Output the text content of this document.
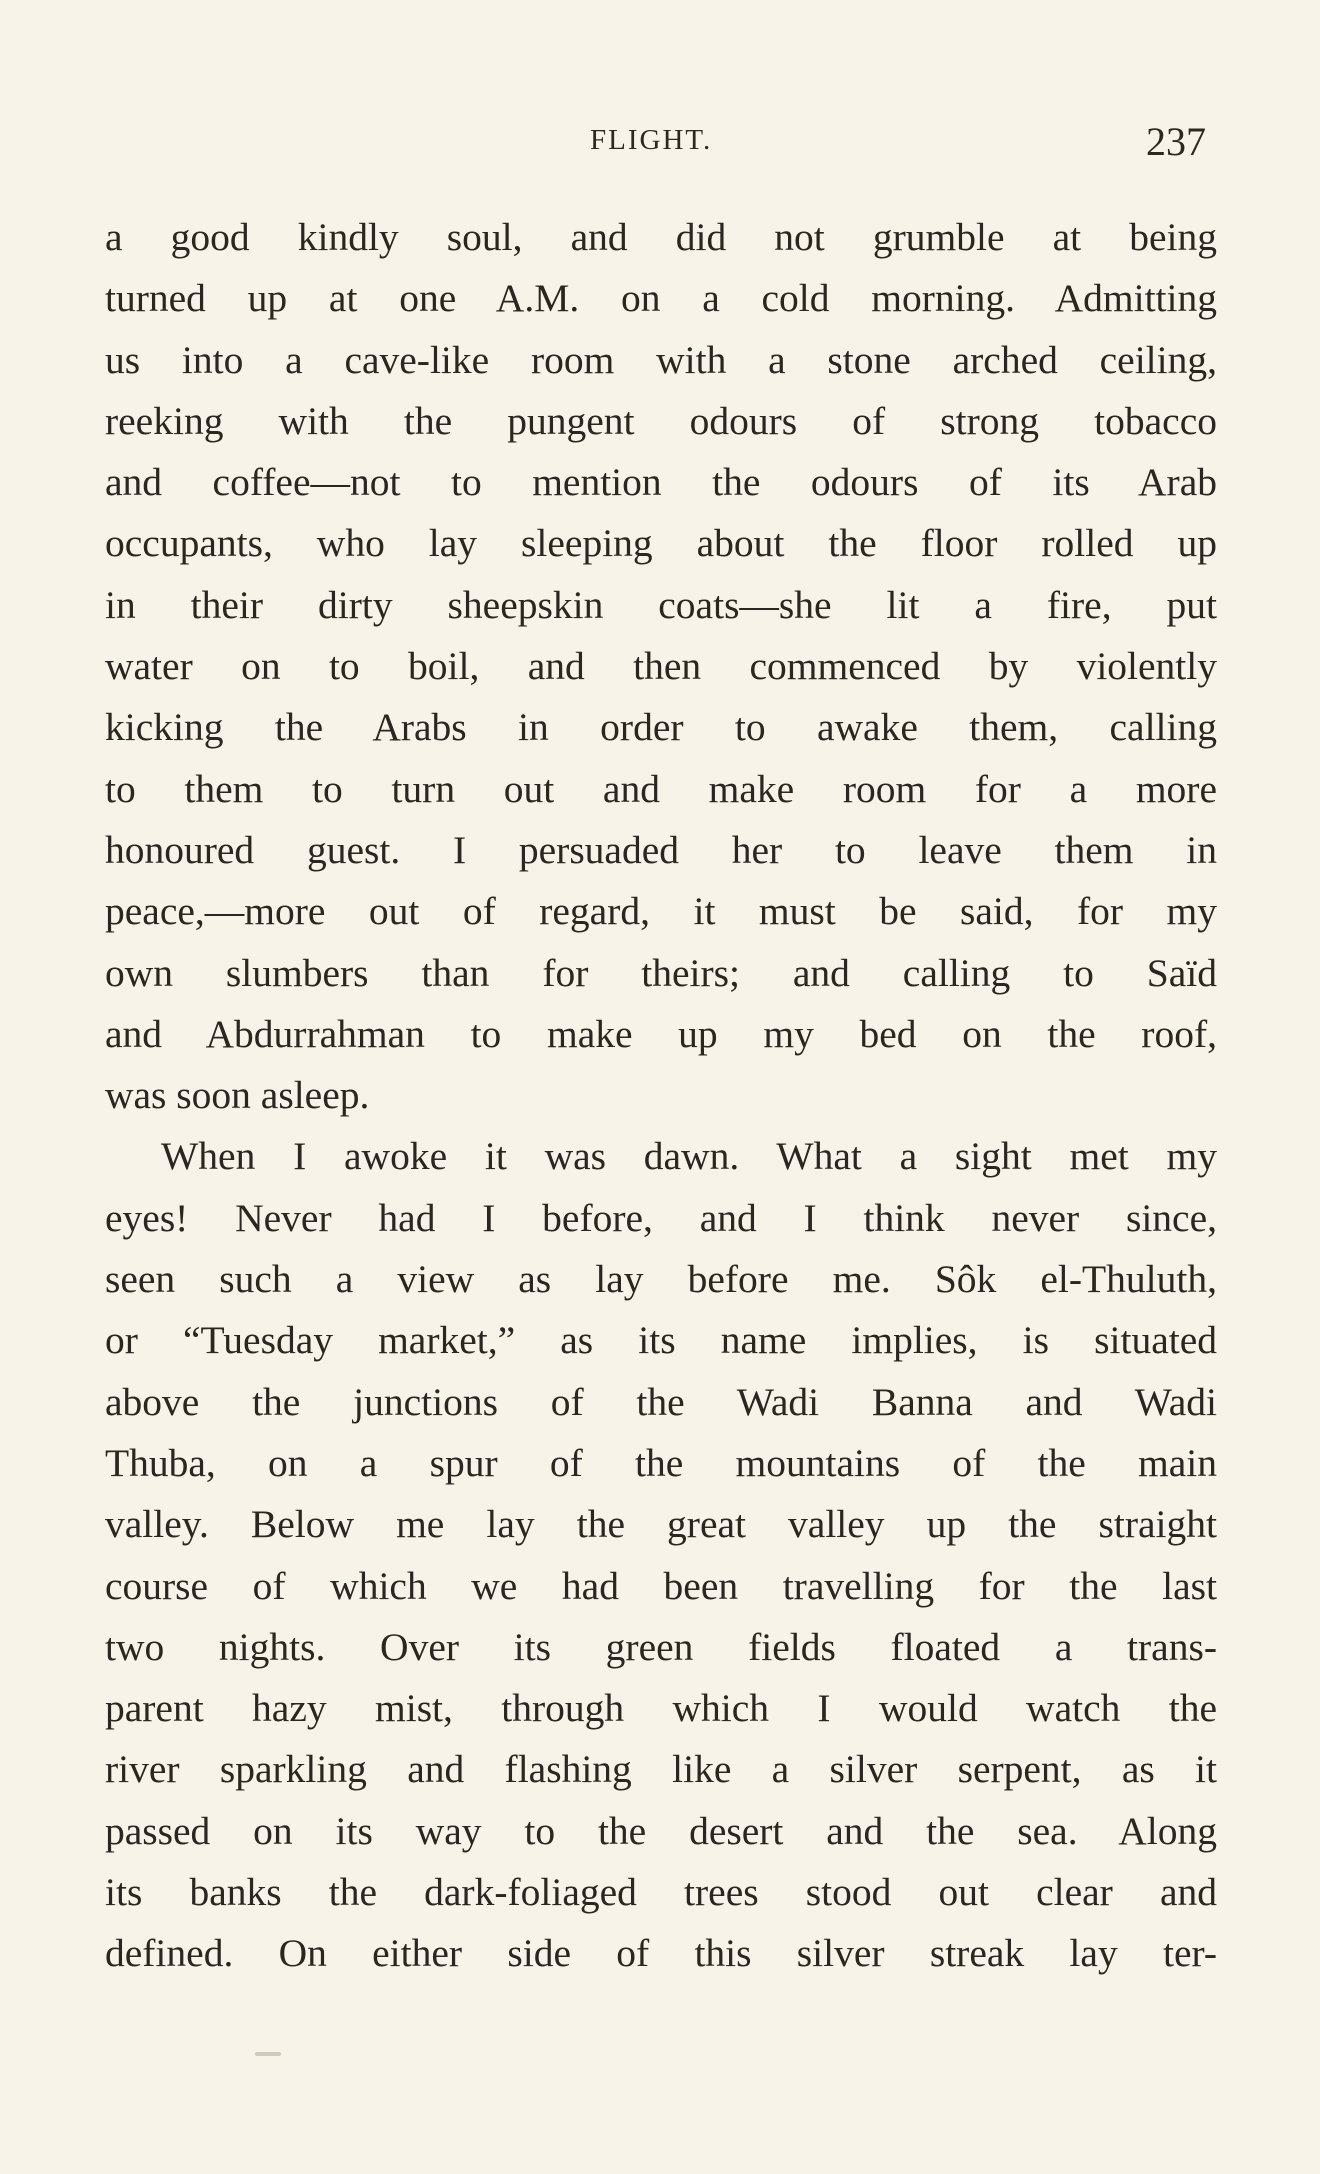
FLIGHT.	237
a good kindly soul, and did not grumble at being
turned up at one A.M. on a cold morning. Admitting
us into a cave-like room with a stone arched ceiling,
reeking with the pungent odours of strong tobacco
and coffee—not to mention the odours of its Arab
occupants, who lay sleeping about the floor rolled up
in their dirty sheepskin coats—she lit a fire, put
water on to boil, and then commenced by violently
kicking the Arabs in order to awake them, calling
to them to turn out and make room for a more
honoured guest. I persuaded her to leave them in
peace,—more out of regard, it must be said, for my
own slumbers than for theirs; and calling to Saïd
and Abdurrahman to make up my bed on the roof,
was soon asleep.
When I awoke it was dawn. What a sight met my
eyes! Never had I before, and I think never since,
seen such a view as lay before me. Sôk el-Thuluth,
or “Tuesday market,” as its name implies, is situated
above the junctions of the Wadi Banna and Wadi
Thuba, on a spur of the mountains of the main
valley. Below me lay the great valley up the straight
course of which we had been travelling for the last
two nights. Over its green fields floated a trans-
parent hazy mist, through which I would watch the
river sparkling and flashing like a silver serpent, as it
passed on its way to the desert and the sea. Along
its banks the dark-foliaged trees stood out clear and
defined. On either side of this silver streak lay ter-
